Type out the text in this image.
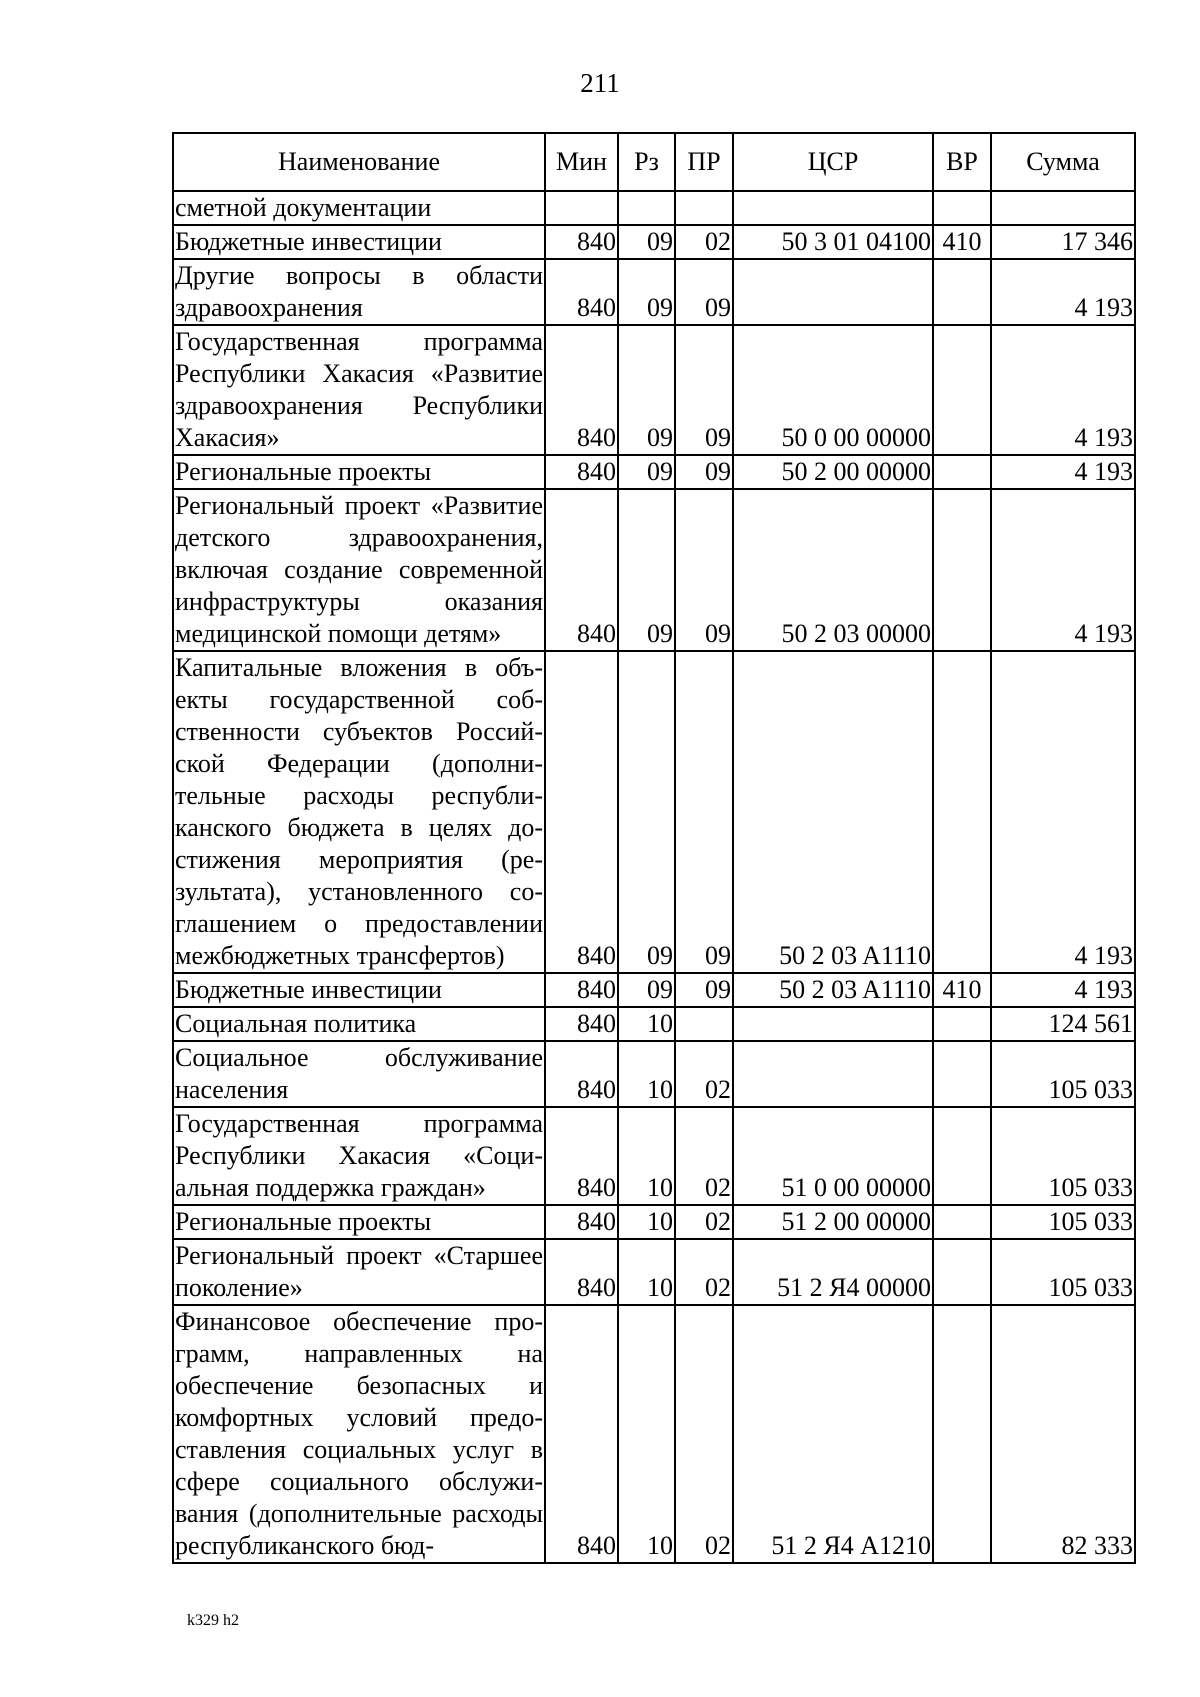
211
Наименование	Мин	Рз	ПР	ЦСР	ВР	Сумма
сметной документации						
Бюджетные инвестиции	840	09	02	50 3 01 04100	410	17 346
Другие вопросы в области здравоохранения	840	09	09			4 193
Государственная программа Республики Хакасия «Развитие здравоохранения Республики Хакасия»	840	09	09	50 0 00 00000		4 193
Региональные проекты	840	09	09	50 2 00 00000		4 193
Региональный проект «Развитие детского здравоохранения, включая создание современной инфраструктуры оказания медицинской помощи детям»	840	09	09	50 2 03 00000		4 193
Капитальные вложения в объекты государственной собственности субъектов Российской Федерации (дополнительные расходы республиканского бюджета в целях достижения мероприятия (результата), установленного соглашением о предоставлении межбюджетных трансфертов)	840	09	09	50 2 03 A1110		4 193
Бюджетные инвестиции	840	09	09	50 2 03 A1110	410	4 193
Социальная политика	840	10				124 561
Социальное обслуживание населения	840	10	02			105 033
Государственная программа Республики Хакасия «Социальная поддержка граждан»	840	10	02	51 0 00 00000		105 033
Региональные проекты	840	10	02	51 2 00 00000		105 033
Региональный проект «Старшее поколение»	840	10	02	51 2 Я4 00000		105 033
Финансовое обеспечение программ, направленных на обеспечение безопасных и комфортных условий предоставления социальных услуг в сфере социального обслуживания (дополнительные расходы республиканского бюд-	840	10	02	51 2 Я4 A1210		82 333
k329 h2
